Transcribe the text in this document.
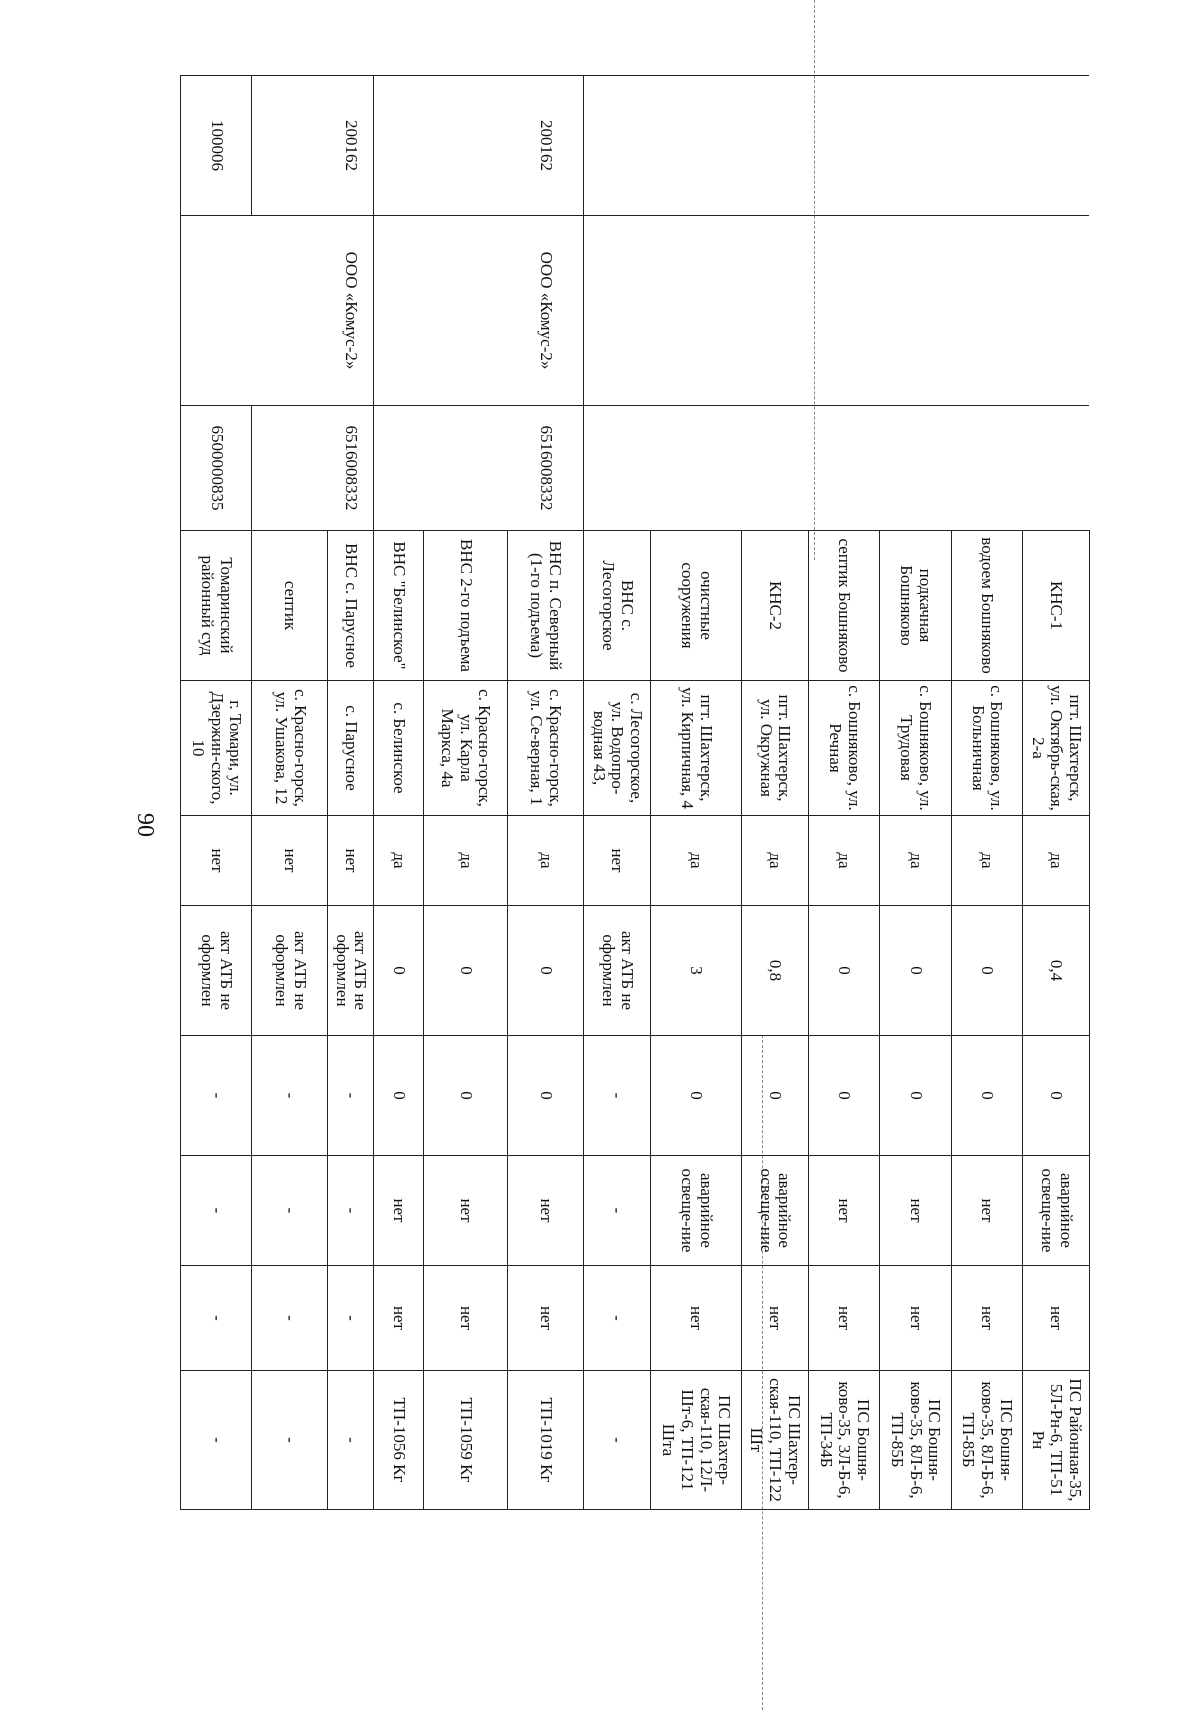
90
			КНС-1	пгт. Шахтерск, ул. Октябрь-ская, 2-а	да	0,4	0	аварийное освеще-ние	нет	ПС Районная-35, 5Л-Рн-6, ТП-51 Рн
			водоем Бошняково	с. Бошняково, ул. Больничная	да	0	0	нет	нет	ПС Бошня-ково-35, 8Л-Б-6, ТП-85Б
			подкачная Бошняково	с. Бошняково, ул. Трудовая	да	0	0	нет	нет	ПС Бошня-ково-35, 8Л-Б-6, ТП-85Б
			септик Бошняково	с. Бошняково, ул. Речная	да	0	0	нет	нет	ПС Бошня-ково-35, 3Л-Б-6, ТП-34Б
			КНС-2	пгт. Шахтерск, ул. Окружная	да	0,8	0	аварийное освеще-ние	нет	ПС Шахтер-ская-110, ТП-122 Шт
			очистные сооружения	пгт. Шахтерск, ул. Кирпичная, 4	да	3	0	аварийное освеще-ние	нет	ПС Шахтер-ская-110, 12Л-Шт-6, ТП-121 Шта
			ВНС с. Лесогорское	с. Лесогорское, ул. Водопро-водная 43,	нет	акт АТБ не оформлен	-	-	-	-
200162	ООО «Комус-2»	6516008332	ВНС п. Северный (1-го подъема)	с. Красно-горск, ул. Се-верная, 1	да	0	0	нет	нет	ТП-1019 Кг
			ВНС 2-го подъема	с. Красно-горск, ул. Карла Маркса, 4а	да	0	0	нет	нет	ТП-1059 Кг
			ВНС "Белинское"	с. Белинское	да	0	0	нет	нет	ТП-1056 Кг
200162	ООО «Комус-2»	6516008332	ВНС с. Парусное	с. Парусное	нет	акт АТБ не оформлен	-	-	-	-
			септик	с. Красно-горск, ул. Ушакова, 12	нет	акт АТБ не оформлен	-	-	-	-
100006		6500000835	Томаринский районный суд	г. Томари, ул. Дзержин-ского, 10	нет	акт АТБ не оформлен	-	-	-	-
